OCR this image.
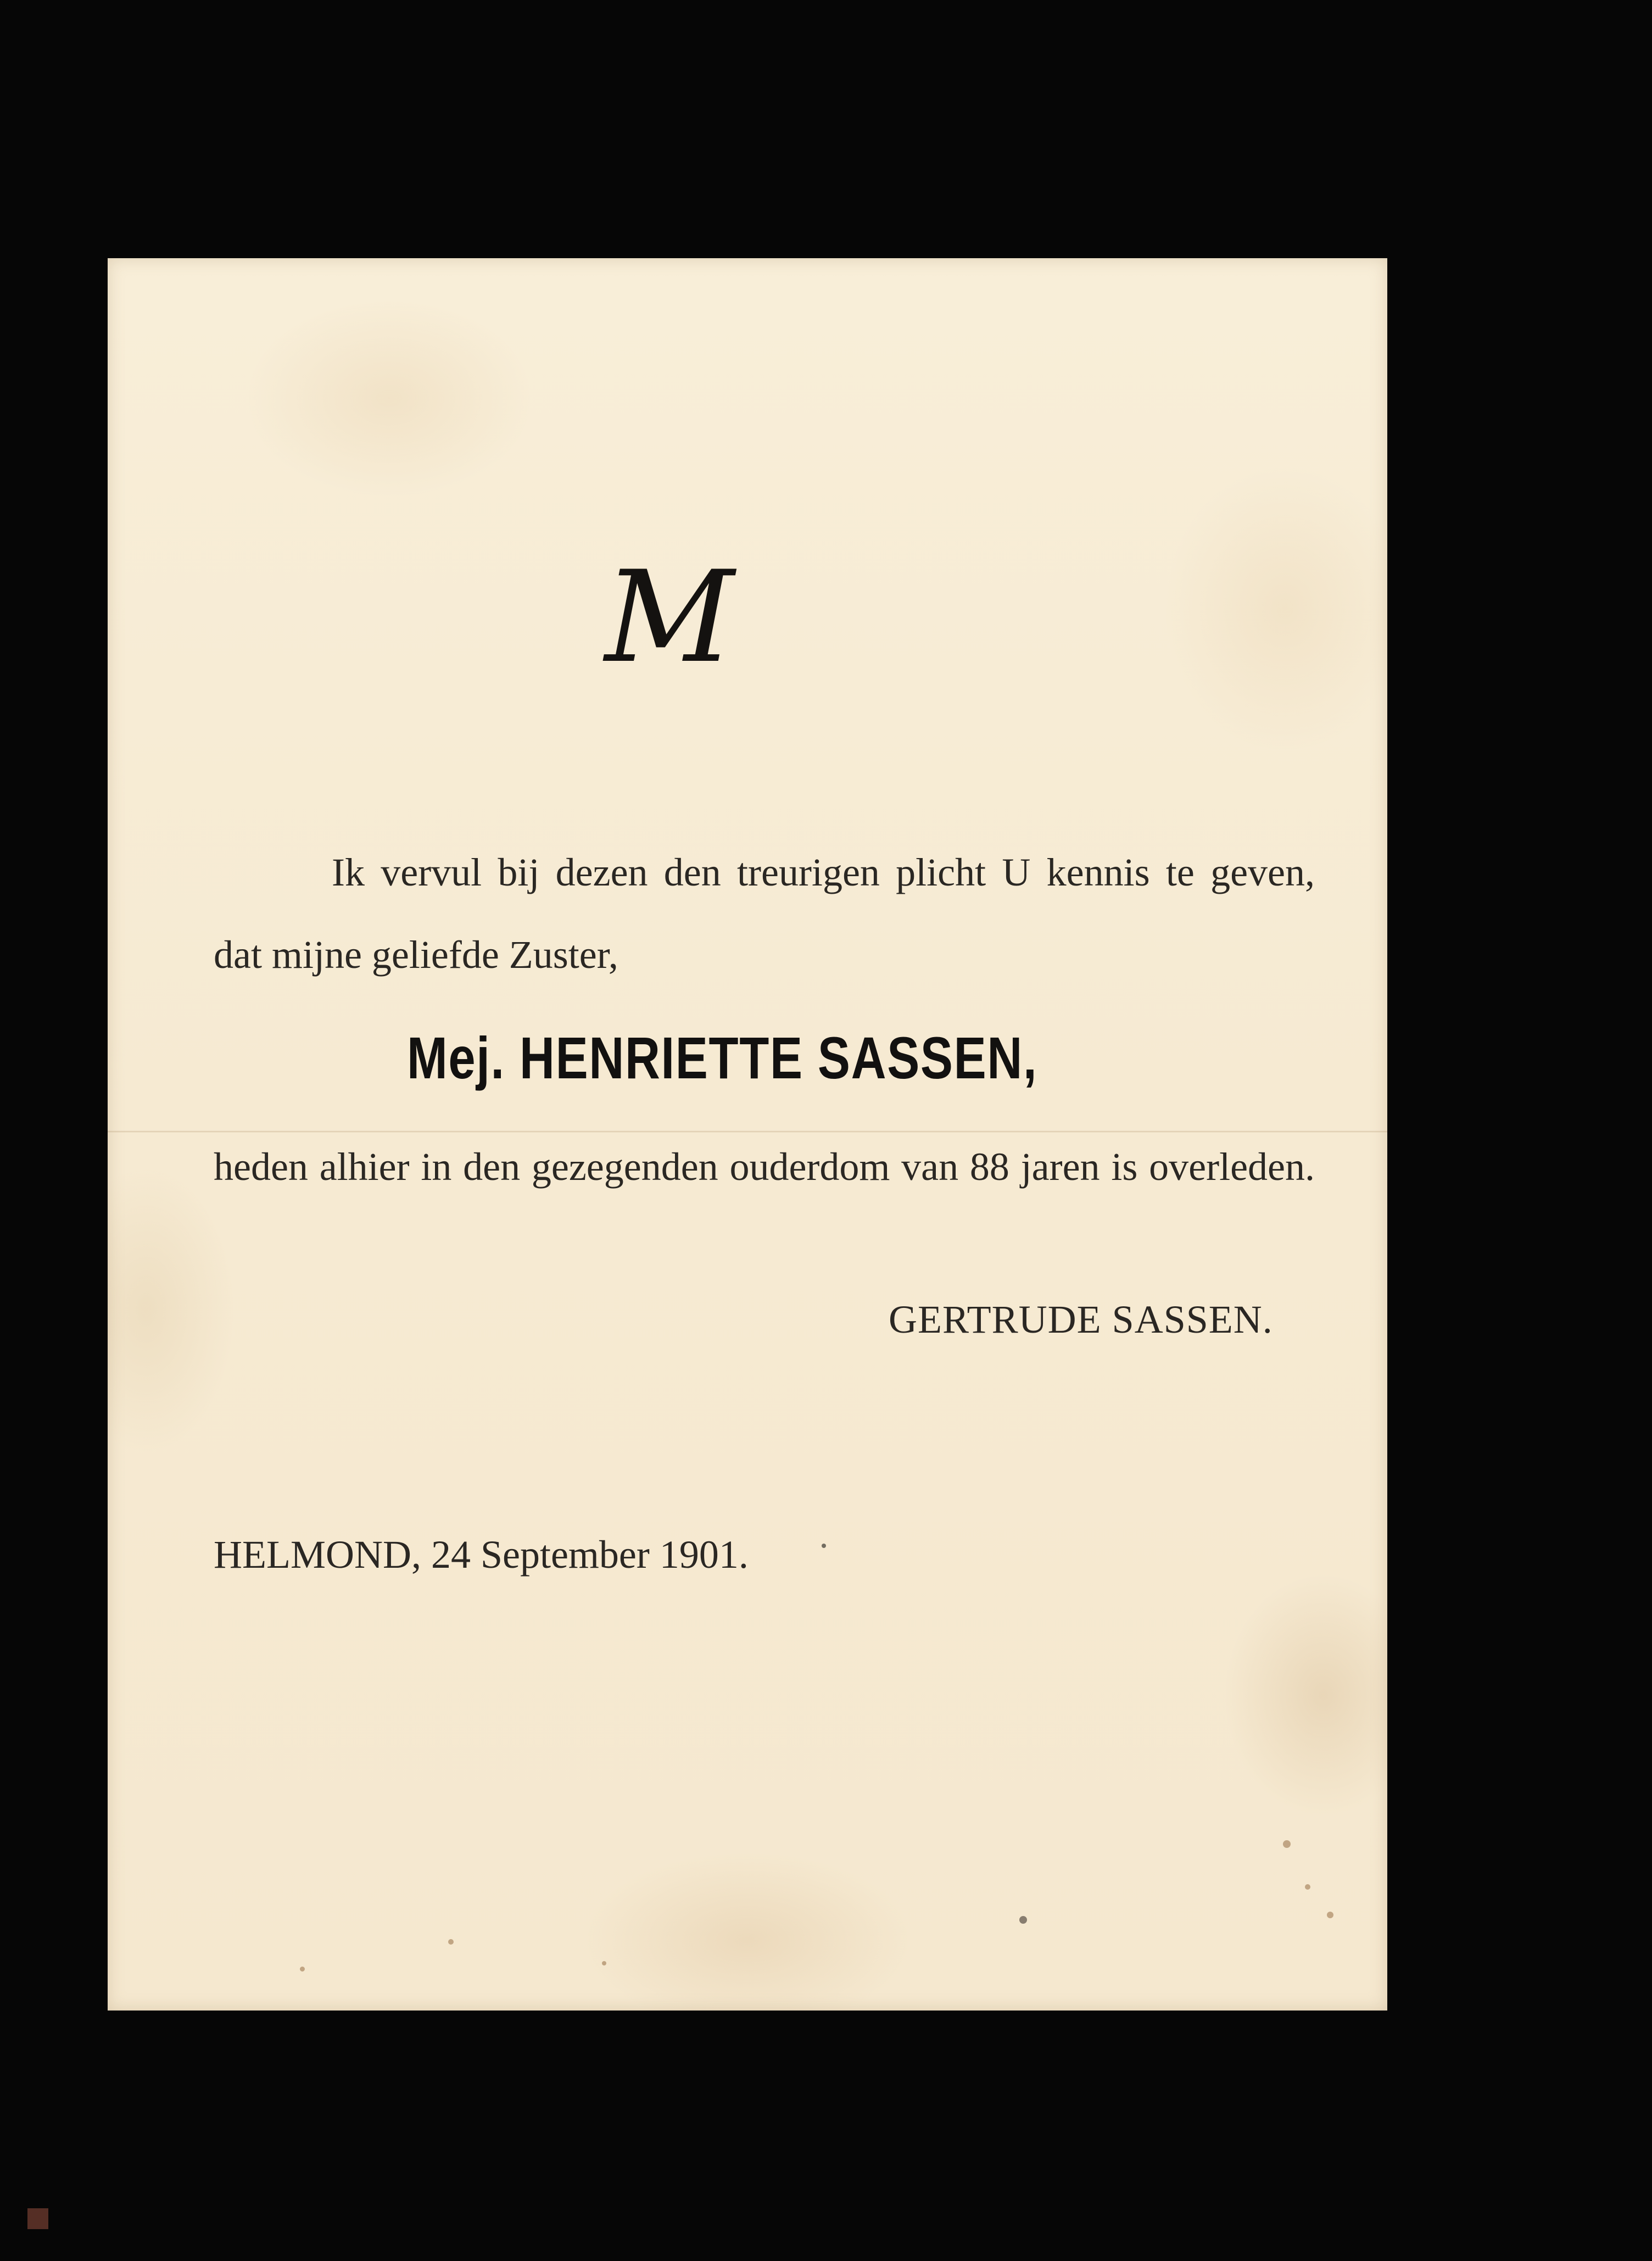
M

Ik vervul bij dezen den treurigen plicht U kennis te geven,

dat mijne geliefde Zuster,

Mej. HENRIETTE SASSEN,

heden alhier in den gezegenden ouderdom van 88 jaren is overleden.

GERTRUDE SASSEN.

HELMOND, 24 September 1901.
